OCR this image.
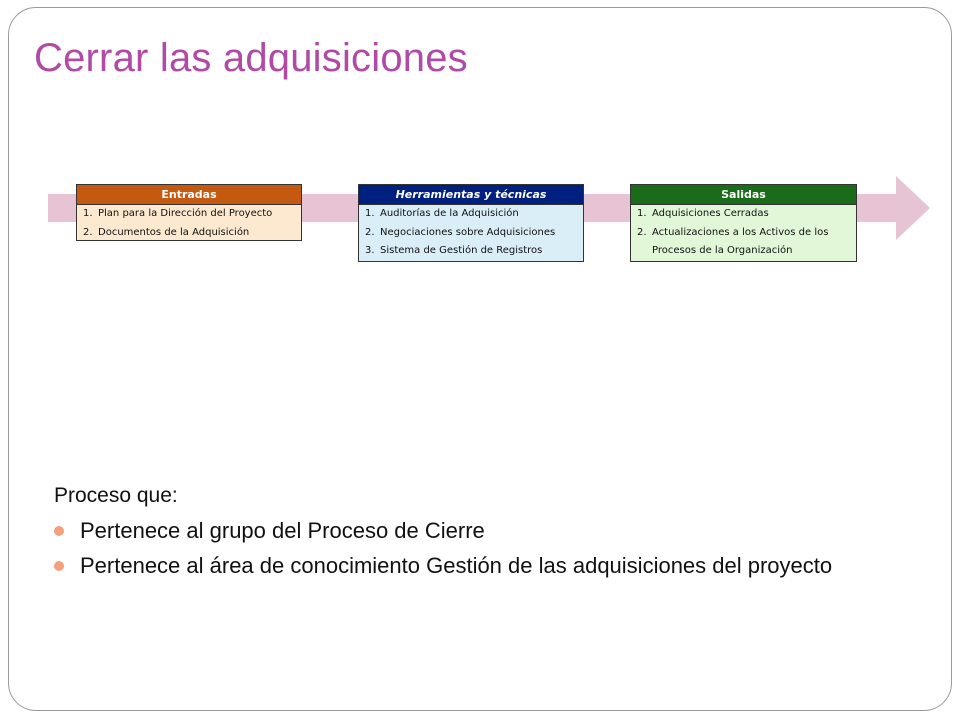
Cerrar las adquisiciones
Entradas
1. Plan para la Dirección del Proyecto
2. Documentos de la Adquisición
Herramientas y técnicas
1. Auditorías de la Adquisición
2. Negociaciones sobre Adquisiciones
3. Sistema de Gestión de Registros
Salidas
1. Adquisiciones Cerradas
2. Actualizaciones a los Activos de los
Procesos de la Organización
Proceso que:
Pertenece al grupo del Proceso de Cierre
Pertenece al área de conocimiento Gestión de las adquisiciones del proyecto
